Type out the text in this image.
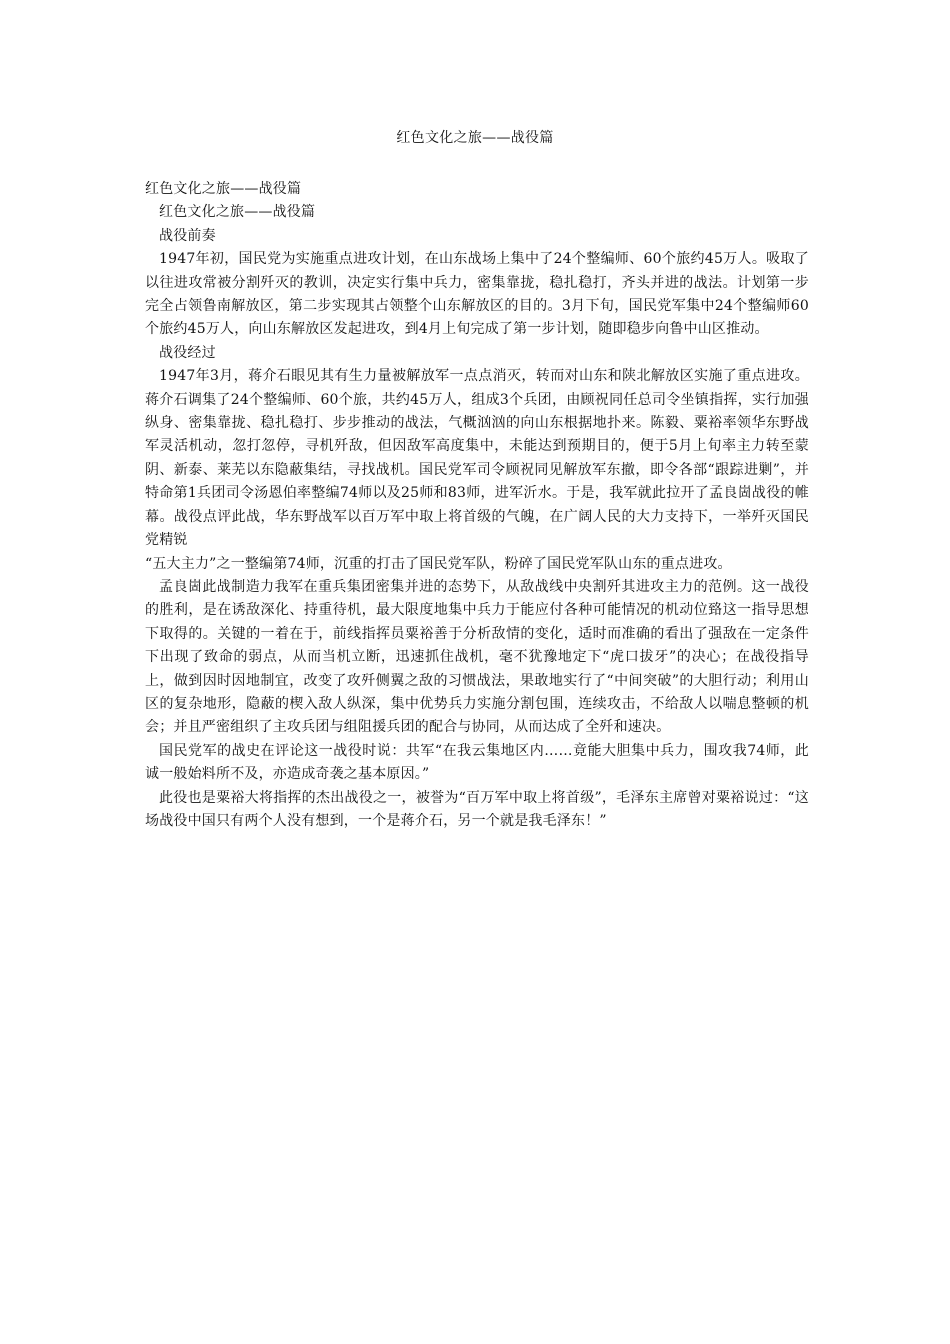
红色文化之旅——战役篇

红色文化之旅——战役篇

红色文化之旅——战役篇

战役前奏

1947年初，国民党为实施重点进攻计划，在山东战场上集中了24个整编师、60个旅约45万人。吸取了以往进攻常被分割歼灭的教训，决定实行集中兵力，密集靠拢，稳扎稳打，齐头并进的战法。计划第一步完全占领鲁南解放区，第二步实现其占领整个山东解放区的目的。3月下旬，国民党军集中24个整编师60个旅约45万人，向山东解放区发起进攻，到4月上旬完成了第一步计划，随即稳步向鲁中山区推动。

战役经过

1947年3月，蒋介石眼见其有生力量被解放军一点点消灭，转而对山东和陕北解放区实施了重点进攻。蒋介石调集了24个整编师、60个旅，共约45万人，组成3个兵团，由顾祝同任总司令坐镇指挥，实行加强纵身、密集靠拢、稳扎稳打、步步推动的战法，气概汹汹的向山东根据地扑来。陈毅、粟裕率领华东野战军灵活机动，忽打忽停，寻机歼敌，但因敌军高度集中，未能达到预期目的，便于5月上旬率主力转至蒙阴、新泰、莱芜以东隐蔽集结，寻找战机。国民党军司令顾祝同见解放军东撤，即令各部“跟踪进剿”，并特命第1兵团司令汤恩伯率整编74师以及25师和83师，进军沂水。于是，我军就此拉开了孟良崮战役的帷幕。战役点评此战，华东野战军以百万军中取上将首级的气魄，在广阔人民的大力支持下，一举歼灭国民党精锐

“五大主力”之一整编第74师，沉重的打击了国民党军队，粉碎了国民党军队山东的重点进攻。

孟良崮此战制造力我军在重兵集团密集并进的态势下，从敌战线中央割歼其进攻主力的范例。这一战役的胜利，是在诱敌深化、持重待机，最大限度地集中兵力于能应付各种可能情况的机动位臵这一指导思想下取得的。关键的一着在于，前线指挥员粟裕善于分析敌情的变化，适时而准确的看出了强敌在一定条件下出现了致命的弱点，从而当机立断，迅速抓住战机，毫不犹豫地定下“虎口拔牙”的决心；在战役指导上，做到因时因地制宜，改变了攻歼侧翼之敌的习惯战法，果敢地实行了“中间突破”的大胆行动；利用山区的复杂地形，隐蔽的楔入敌人纵深，集中优势兵力实施分割包围，连续攻击，不给敌人以喘息整顿的机会；并且严密组织了主攻兵团与组阻援兵团的配合与协同，从而达成了全歼和速决。

国民党军的战史在评论这一战役时说：共军“在我云集地区内……竟能大胆集中兵力，围攻我74师，此诚一般始料所不及，亦造成奇袭之基本原因。”

此役也是粟裕大将指挥的杰出战役之一，被誉为“百万军中取上将首级”，毛泽东主席曾对粟裕说过：“这场战役中国只有两个人没有想到，一个是蒋介石，另一个就是我毛泽东！”
